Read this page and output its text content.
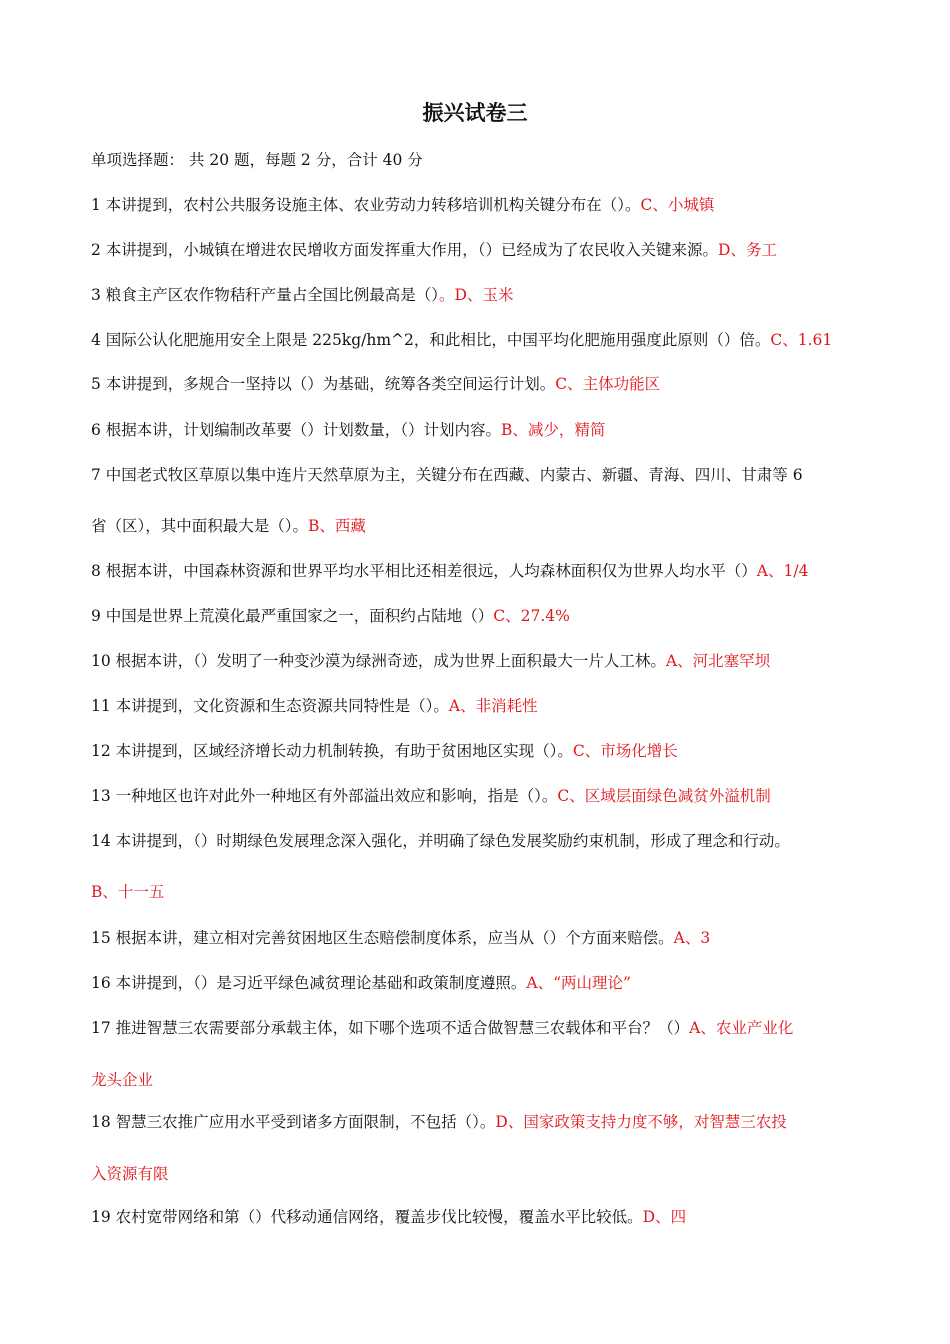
振兴试卷三
单项选择题： 共 20 题，每题 2 分，合计 40 分
1 本讲提到，农村公共服务设施主体、农业劳动力转移培训机构关键分布在（）。C、小城镇
2 本讲提到，小城镇在增进农民增收方面发挥重大作用，（）已经成为了农民收入关键来源。D、务工
3 粮食主产区农作物秸秆产量占全国比例最高是（）。D、玉米
4 国际公认化肥施用安全上限是 225kg/hm^2，和此相比，中国平均化肥施用强度此原则（）倍。C、1.61
5 本讲提到，多规合一坚持以（）为基础，统筹各类空间运行计划。C、主体功能区
6 根据本讲，计划编制改革要（）计划数量，（）计划内容。B、减少，精简
7 中国老式牧区草原以集中连片天然草原为主，关键分布在西藏、内蒙古、新疆、青海、四川、甘肃等 6
省（区），其中面积最大是（）。B、西藏
8 根据本讲，中国森林资源和世界平均水平相比还相差很远，人均森林面积仅为世界人均水平（）A、1/4
9 中国是世界上荒漠化最严重国家之一，面积约占陆地（）C、27.4%
10 根据本讲，（）发明了一种变沙漠为绿洲奇迹，成为世界上面积最大一片人工林。A、河北塞罕坝
11 本讲提到，文化资源和生态资源共同特性是（）。A、非消耗性
12 本讲提到，区域经济增长动力机制转换，有助于贫困地区实现（）。C、市场化增长
13 一种地区也许对此外一种地区有外部溢出效应和影响，指是（）。C、区域层面绿色减贫外溢机制
14 本讲提到，（）时期绿色发展理念深入强化，并明确了绿色发展奖励约束机制，形成了理念和行动。
B、十一五
15 根据本讲，建立相对完善贫困地区生态赔偿制度体系，应当从（）个方面来赔偿。A、3
16 本讲提到，（）是习近平绿色减贫理论基础和政策制度遵照。A、“两山理论”
17 推进智慧三农需要部分承载主体，如下哪个选项不适合做智慧三农载体和平台？（）A、农业产业化
龙头企业
18 智慧三农推广应用水平受到诸多方面限制，不包括（）。D、国家政策支持力度不够，对智慧三农投
入资源有限
19 农村宽带网络和第（）代移动通信网络，覆盖步伐比较慢，覆盖水平比较低。D、四
